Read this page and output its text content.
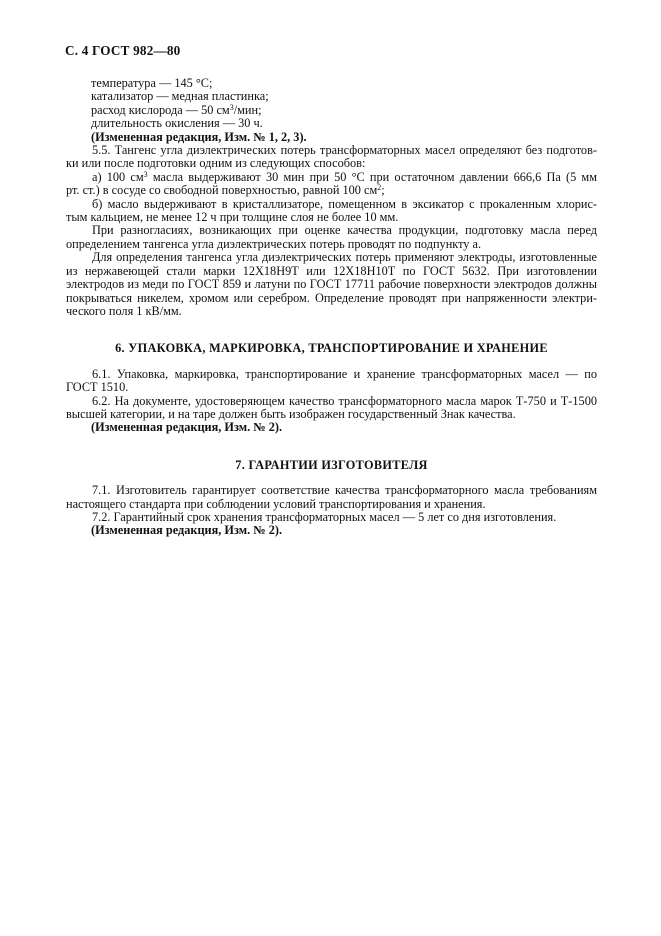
С. 4 ГОСТ 982—80
температура — 145 °С;
катализатор — медная пластинка;
расход кислорода — 50 $см^3$/мин;
длительность окисления — 30 ч.
(Измененная редакция, Изм. № 1, 2, 3).
5.5. Тангенс угла диэлектрических потерь трансформаторных масел определяют без подготов-
ки или после подготовки одним из следующих способов:
а) 100 $см^3$ масла выдерживают 30 мин при 50 °С при остаточном давлении 666,6 Па (5 мм
рт. ст.) в сосуде со свободной поверхностью, равной 100 $см^2$;
б) масло выдерживают в кристаллизаторе, помещенном в эксикатор с прокаленным хлорис-
тым кальцием, не менее 12 ч при толщине слоя не более 10 мм.
При разногласиях, возникающих при оценке качества продукции, подготовку масла перед
определением тангенса угла диэлектрических потерь проводят по подпункту а.
Для определения тангенса угла диэлектрических потерь применяют электроды, изготовленные
из нержавеющей стали марки 12Х18Н9Т или 12Х18Н10Т по ГОСТ 5632. При изготовлении
электродов из меди по ГОСТ 859 и латуни по ГОСТ 17711 рабочие поверхности электродов должны
покрываться никелем, хромом или серебром. Определение проводят при напряженности электри-
ческого поля 1 кВ/мм.
6. УПАКОВКА, МАРКИРОВКА, ТРАНСПОРТИРОВАНИЕ И ХРАНЕНИЕ
6.1. Упаковка, маркировка, транспортирование и хранение трансформаторных масел — по
ГОСТ 1510.
6.2. На документе, удостоверяющем качество трансформаторного масла марок Т-750 и Т-1500
высшей категории, и на таре должен быть изображен государственный Знак качества.
(Измененная редакция, Изм. № 2).
7. ГАРАНТИИ ИЗГОТОВИТЕЛЯ
7.1. Изготовитель гарантирует соответствие качества трансформаторного масла требованиям
настоящего стандарта при соблюдении условий транспортирования и хранения.
7.2. Гарантийный срок хранения трансформаторных масел — 5 лет со дня изготовления.
(Измененная редакция, Изм. № 2).
